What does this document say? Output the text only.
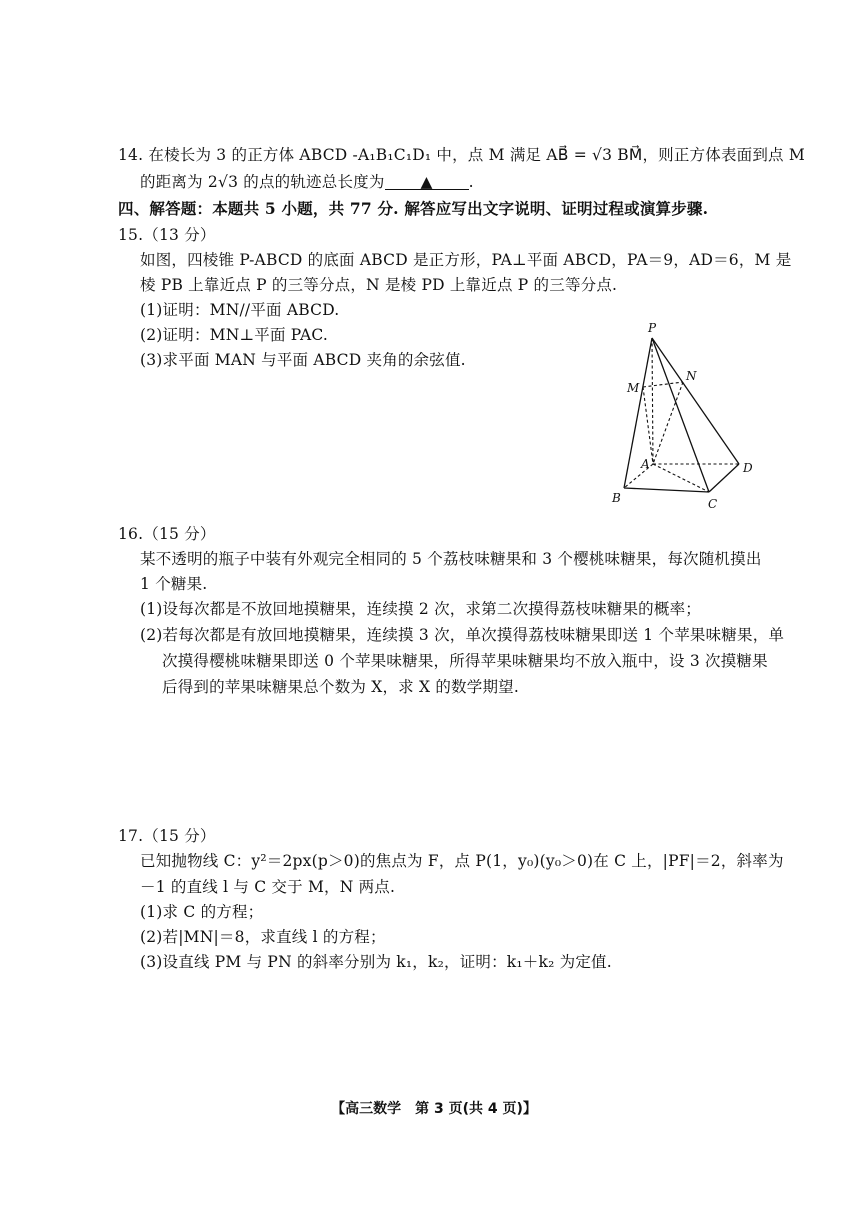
14. 在棱长为 3 的正方体 ABCD -A₁B₁C₁D₁ 中，点 M 满足 AB⃗ = √3 BM⃗，则正方体表面到点 M
的距离为 2√3 的点的轨迹总长度为 ▲ .
四、解答题：本题共 5 小题，共 77 分. 解答应写出文字说明、证明过程或演算步骤.
15.（13 分）
如图，四棱锥 P-ABCD 的底面 ABCD 是正方形，PA⊥平面 ABCD，PA＝9，AD＝6，M 是
棱 PB 上靠近点 P 的三等分点，N 是棱 PD 上靠近点 P 的三等分点.
(1)证明：MN//平面 ABCD.
(2)证明：MN⊥平面 PAC.
(3)求平面 MAN 与平面 ABCD 夹角的余弦值.
P
M
N
A
B	C
D
16.（15 分）
某不透明的瓶子中装有外观完全相同的 5 个荔枝味糖果和 3 个樱桃味糖果，每次随机摸出
1 个糖果.
(1)设每次都是不放回地摸糖果，连续摸 2 次，求第二次摸得荔枝味糖果的概率；
(2)若每次都是有放回地摸糖果，连续摸 3 次，单次摸得荔枝味糖果即送 1 个苹果味糖果，单
次摸得樱桃味糖果即送 0 个苹果味糖果，所得苹果味糖果均不放入瓶中，设 3 次摸糖果
后得到的苹果味糖果总个数为 X，求 X 的数学期望.
17.（15 分）
已知抛物线 C：y²＝2px(p＞0)的焦点为 F，点 P(1，y₀)(y₀＞0)在 C 上，|PF|＝2，斜率为
－1 的直线 l 与 C 交于 M，N 两点.
(1)求 C 的方程；
(2)若|MN|＝8，求直线 l 的方程；
(3)设直线 PM 与 PN 的斜率分别为 k₁，k₂，证明：k₁＋k₂ 为定值.
【高三数学　第 3 页(共 4 页)】
